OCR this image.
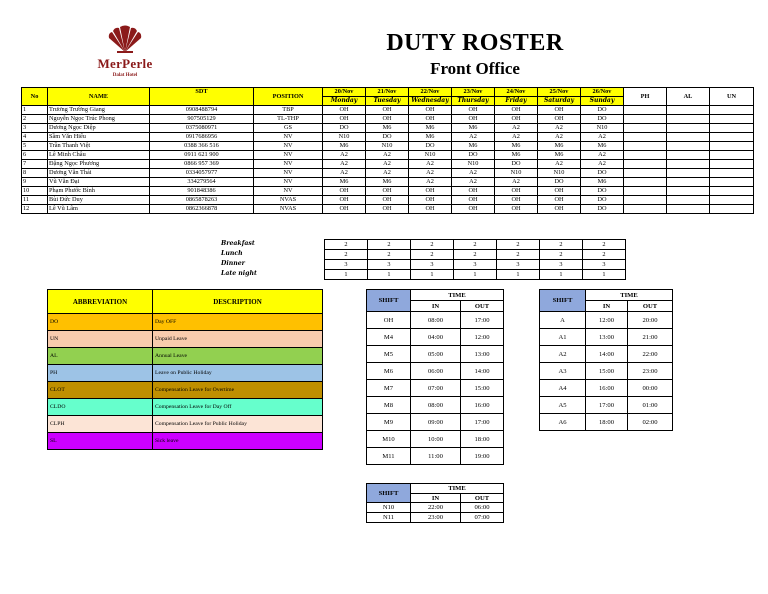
MerPerle
Dalat Hotel
DUTY ROSTER
Front Office
No	NAME	SDT	POSITION	20/Nov	21/Nov	22/Nov	23/Nov	24/Nov	25/Nov	26/Nov	PH	AL	UN
				Monday	Tuesday	Wednesday	Thursday	Friday	Saturday	Sunday			
1	Trương Trường Giang	0908488794	TBP	OH	OH	OH	OH	OH	OH	DO			
2	Nguyễn Ngọc Trúc Phong	907505129	TL-THP	OH	OH	OH	OH	OH	OH	DO			
3	Dương Ngọc Diệp	0375080971	GS	DO	M6	M6	M6	A2	A2	N10			
4	Sầm Văn Hiếu	0917686956	NV	N10	DO	M6	A2	A2	A2	A2			
5	Trần Thanh Việt	0388 366 516	NV	M6	N10	DO	M6	M6	M6	M6			
6	Lê Minh Châu	0911 621 900	NV	A2	A2	N10	DO	M6	M6	A2			
7	Đặng Ngọc Phương	0866 957 369	NV	A2	A2	A2	N10	DO	A2	A2			
8	Dương Văn Thái	0334057977	NV	A2	A2	A2	A2	N10	N10	DO			
9	Vũ Văn Đại	334279564	NV	M6	M6	A2	A2	A2	DO	M6			
10	Phạm Phước Bình	901848386	NV	OH	OH	OH	OH	OH	OH	DO			
11	Bùi Đức Duy	0865878263	NVAS	OH	OH	OH	OH	OH	OH	DO			
12	Lê Vũ Lâm	0862366878	NVAS	OH	OH	OH	OH	OH	OH	DO			
Breakfast
Lunch
Dinner
Late night
2	2	2	2	2	2	2
2	2	2	2	2	2	2
3	3	3	3	3	3	3
1	1	1	1	1	1	1
ABBREVIATION	DESCRIPTION
DO	Day OFF
UN	Unpaid Leave
AL	Annual Leave
PH	Leave on Public Holiday
CLOT	Compensation Leave for Overtime
CLDO	Compensation Leave for Day Off
CLPH	Compensation Leave for Public Holiday
SL	Sick leave
SHIFT	TIME	
	IN	OUT
OH	08:00	17:00
M4	04:00	12:00
M5	05:00	13:00
M6	06:00	14:00
M7	07:00	15:00
M8	08:00	16:00
M9	09:00	17:00
M10	10:00	18:00
M11	11:00	19:00
SHIFT	TIME	
	IN	OUT
A	12:00	20:00
A1	13:00	21:00
A2	14:00	22:00
A3	15:00	23:00
A4	16:00	00:00
A5	17:00	01:00
A6	18:00	02:00
SHIFT	TIME	
	IN	OUT
N10	22:00	06:00
N11	23:00	07:00
